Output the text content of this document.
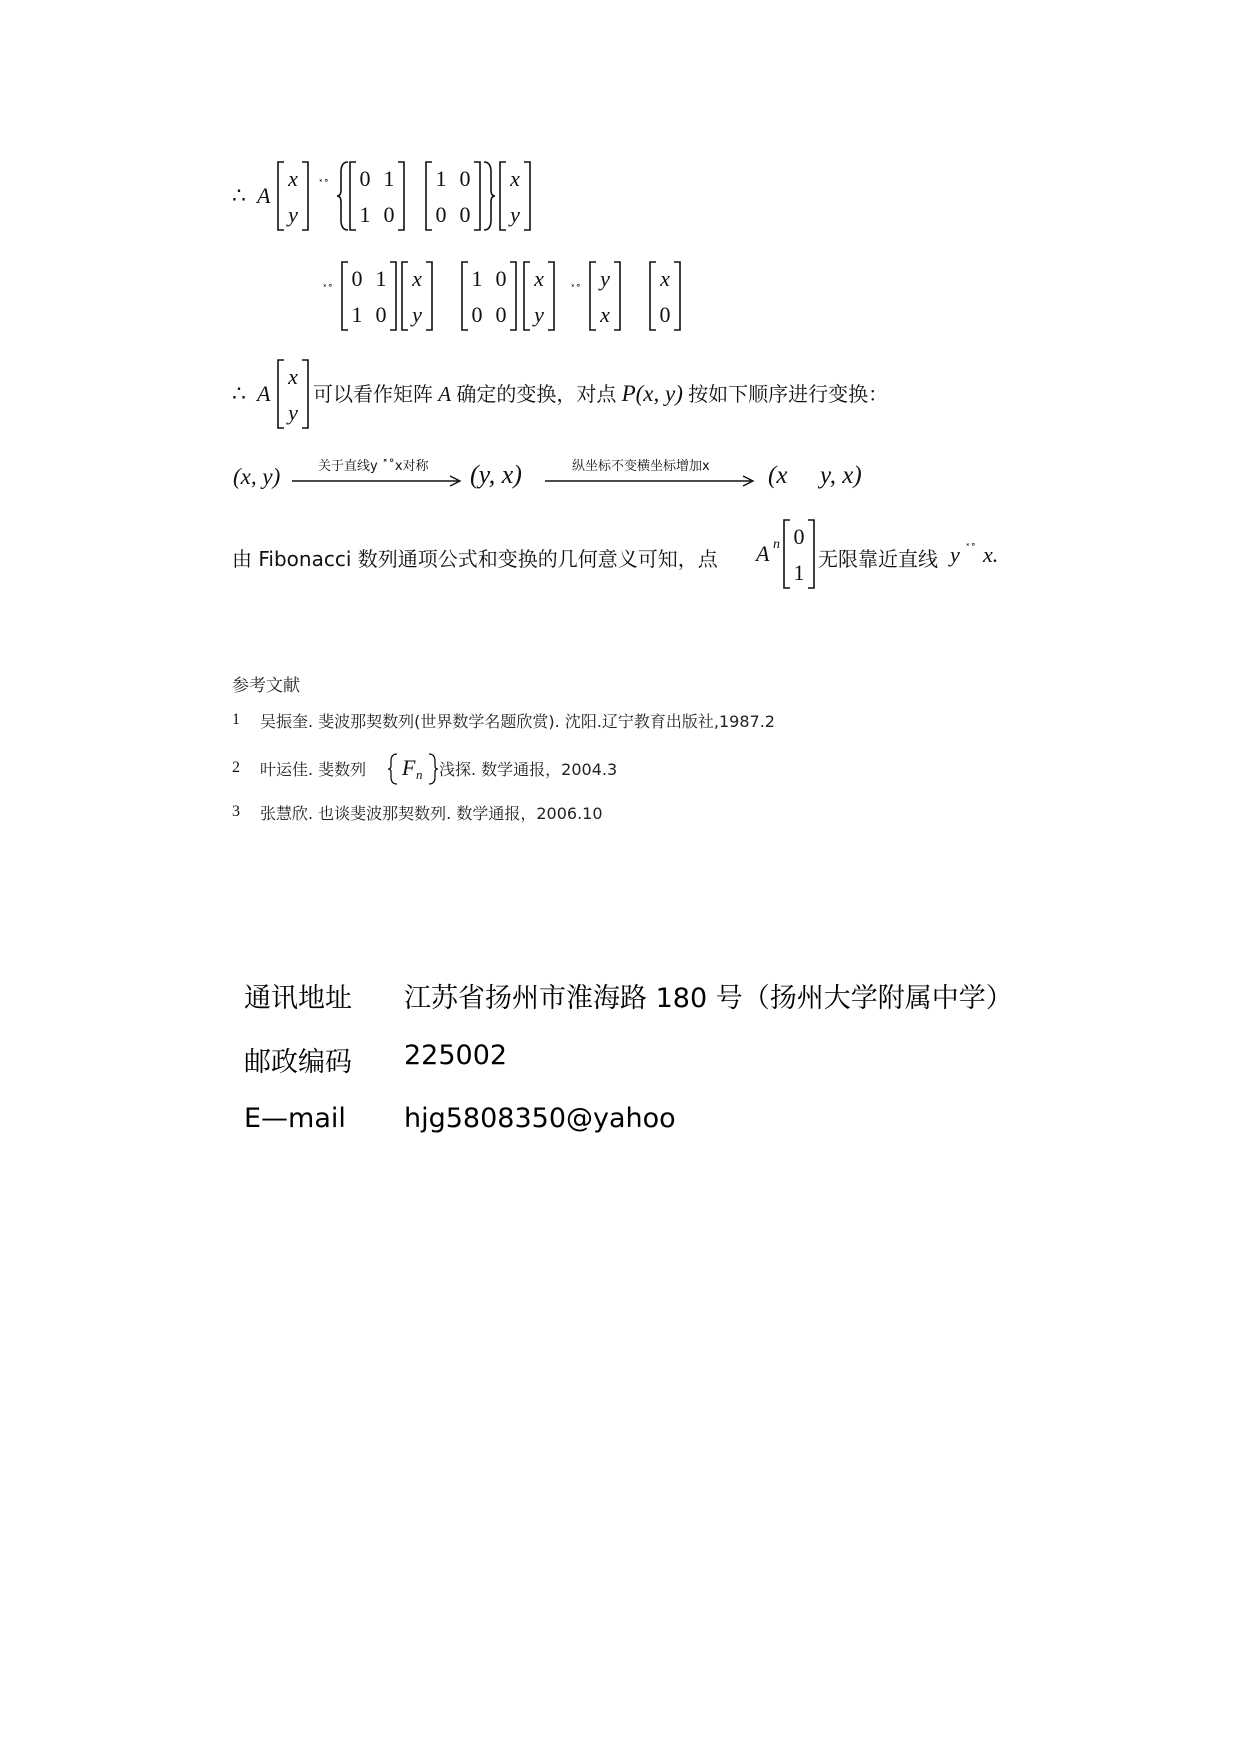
∴ A
x
y
˟˚ 0 1
1 0
1 0
0 0
x
y
˟˚ 0 1
1 0
x
y
1 0
0 0
x
y
˟˚ y
x
x
0
∴ A
x
y
可以看作矩阵 A 确定的变换，对点 P(x, y) 按如下顺序进行变换：
(x, y)	关于直线y ˟˚x对称 (y, x)	纵坐标不变横坐标增加x (x y, x)
由 Fibonacci 数列通项公式和变换的几何意义可知，点 A n 0
1
无限靠近直线 y ˟˚ x.
参考文献
1 吴振奎. 斐波那契数列(世界数学名题欣赏). 沈阳.辽宁教育出版社,1987.2
2 叶运佳. 斐数列 F n 浅探. 数学通报，2004.3
3 张慧欣. 也谈斐波那契数列. 数学通报，2006.10
通讯地址 江苏省扬州市淮海路 180 号（扬州大学附属中学）
邮政编码 225002
E—mail hjg5808350@yahoo
